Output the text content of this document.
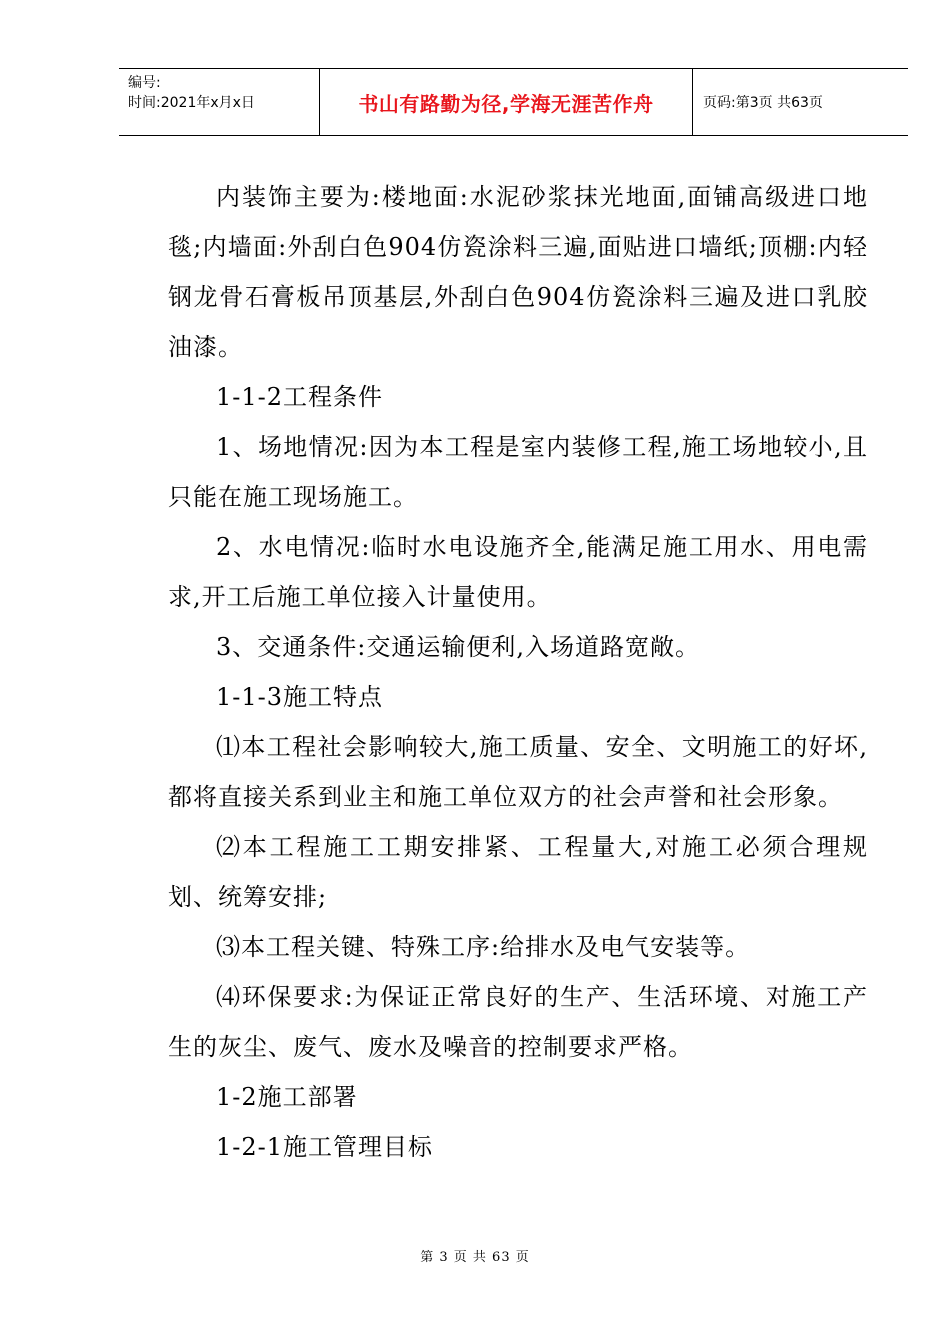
编号:
时间:2021年x月x日	书山有路勤为径,学海无涯苦作舟	页码:第3页 共63页

内装饰主要为:楼地面:水泥砂浆抹光地面,面铺高级进口地毯;内墙面:外刮白色904仿瓷涂料三遍,面贴进口墙纸;顶棚:内轻钢龙骨石膏板吊顶基层,外刮白色904仿瓷涂料三遍及进口乳胶油漆。

1-1-2工程条件

1、场地情况:因为本工程是室内装修工程,施工场地较小,且只能在施工现场施工。

2、水电情况:临时水电设施齐全,能满足施工用水、用电需求,开工后施工单位接入计量使用。

3、交通条件:交通运输便利,入场道路宽敞。

1-1-3施工特点

⑴本工程社会影响较大,施工质量、安全、文明施工的好坏,都将直接关系到业主和施工单位双方的社会声誉和社会形象。

⑵本工程施工工期安排紧、工程量大,对施工必须合理规划、统筹安排;

⑶本工程关键、特殊工序:给排水及电气安装等。

⑷环保要求:为保证正常良好的生产、生活环境、对施工产生的灰尘、废气、废水及噪音的控制要求严格。

1-2施工部署

1-2-1施工管理目标

第 3 页 共 63 页
